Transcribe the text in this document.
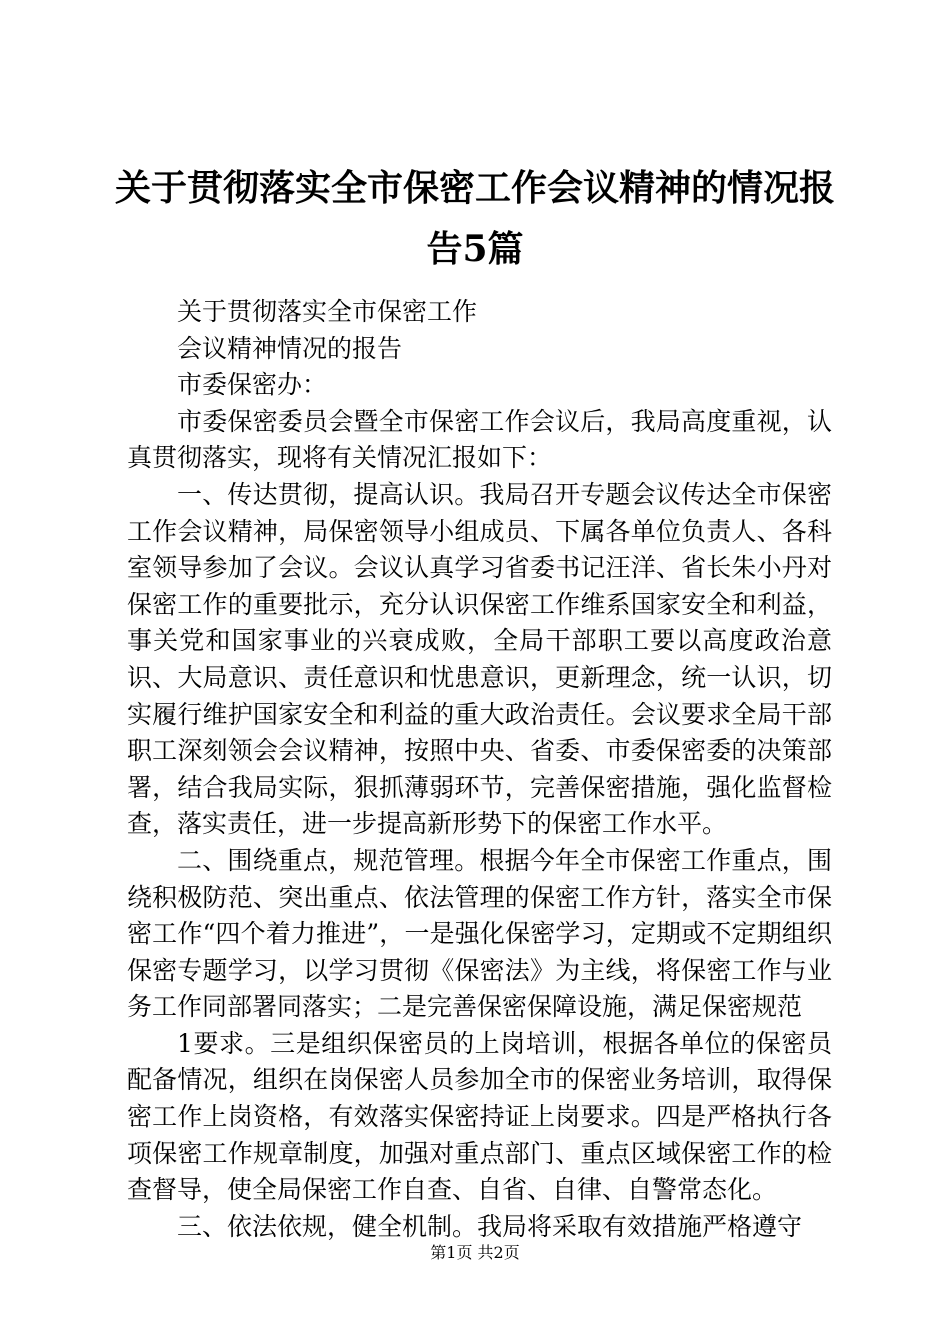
关于贯彻落实全市保密工作会议精神的情况报
告5篇

关于贯彻落实全市保密工作

会议精神情况的报告

市委保密办：

市委保密委员会暨全市保密工作会议后，我局高度重视，认真贯彻落实，现将有关情况汇报如下：

一、传达贯彻，提高认识。我局召开专题会议传达全市保密工作会议精神，局保密领导小组成员、下属各单位负责人、各科室领导参加了会议。会议认真学习省委书记汪洋、省长朱小丹对保密工作的重要批示，充分认识保密工作维系国家安全和利益，事关党和国家事业的兴衰成败，全局干部职工要以高度政治意识、大局意识、责任意识和忧患意识，更新理念，统一认识，切实履行维护国家安全和利益的重大政治责任。会议要求全局干部职工深刻领会会议精神，按照中央、省委、市委保密委的决策部署，结合我局实际，狠抓薄弱环节，完善保密措施，强化监督检查，落实责任，进一步提高新形势下的保密工作水平。

二、围绕重点，规范管理。根据今年全市保密工作重点，围绕积极防范、突出重点、依法管理的保密工作方针，落实全市保密工作“四个着力推进”，一是强化保密学习，定期或不定期组织保密专题学习，以学习贯彻《保密法》为主线，将保密工作与业务工作同部署同落实；二是完善保密保障设施，满足保密规范

1要求。三是组织保密员的上岗培训，根据各单位的保密员配备情况，组织在岗保密人员参加全市的保密业务培训，取得保密工作上岗资格，有效落实保密持证上岗要求。四是严格执行各项保密工作规章制度，加强对重点部门、重点区域保密工作的检查督导，使全局保密工作自查、自省、自律、自警常态化。

三、依法依规，健全机制。我局将采取有效措施严格遵守

第1页 共2页
